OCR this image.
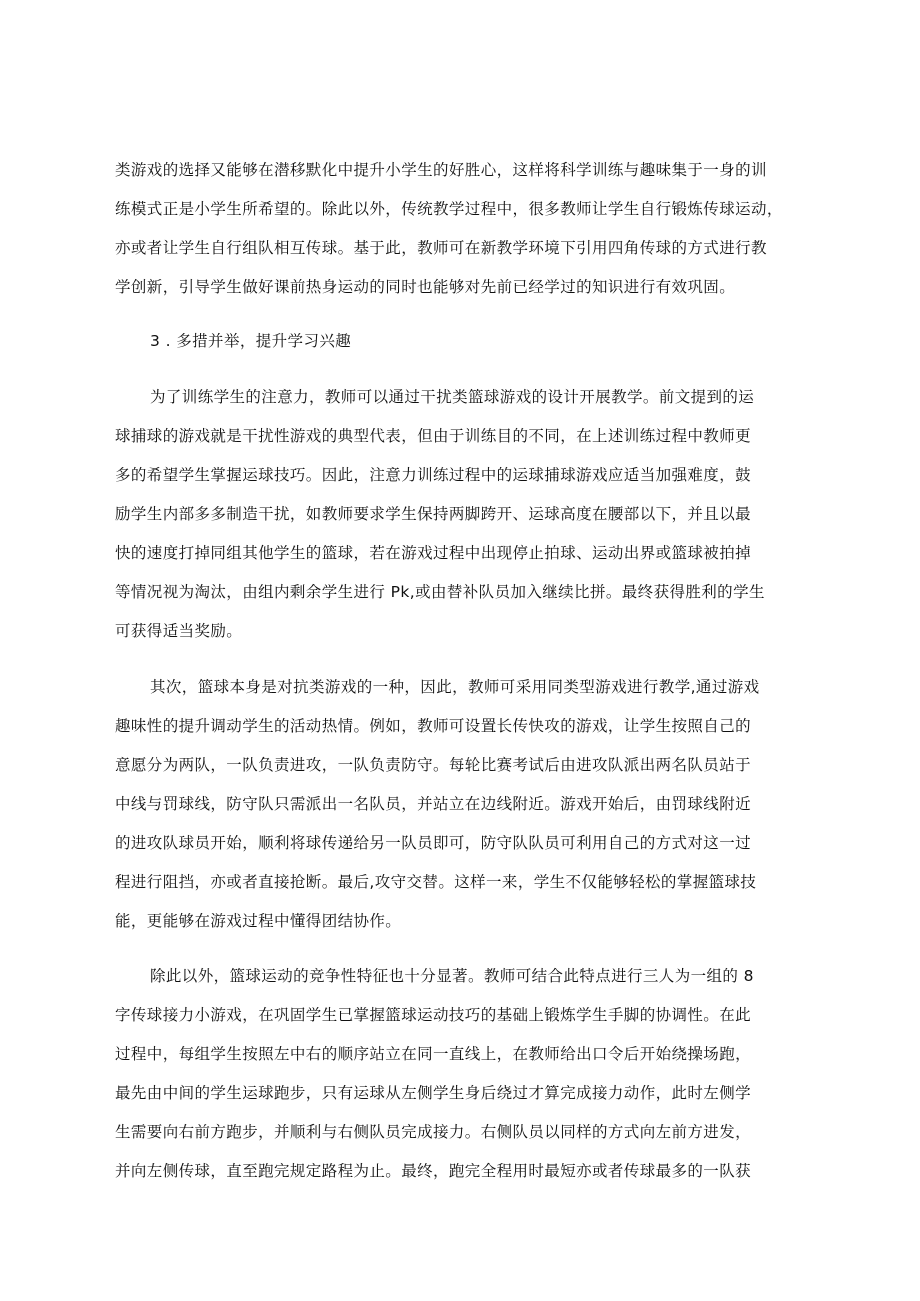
类游戏的选择又能够在潜移默化中提升小学生的好胜心，这样将科学训练与趣味集于一身的训
练模式正是小学生所希望的。除此以外，传统教学过程中，很多教师让学生自行锻炼传球运动，
亦或者让学生自行组队相互传球。基于此，教师可在新教学环境下引用四角传球的方式进行教
学创新，引导学生做好课前热身运动的同时也能够对先前已经学过的知识进行有效巩固。
3 . 多措并举，提升学习兴趣
为了训练学生的注意力，教师可以通过干扰类篮球游戏的设计开展教学。前文提到的运
球捕球的游戏就是干扰性游戏的典型代表，但由于训练目的不同，在上述训练过程中教师更
多的希望学生掌握运球技巧。因此，注意力训练过程中的运球捕球游戏应适当加强难度，鼓
励学生内部多多制造干扰，如教师要求学生保持两脚跨开、运球高度在腰部以下，并且以最
快的速度打掉同组其他学生的篮球，若在游戏过程中出现停止拍球、运动出界或篮球被拍掉
等情况视为淘汰，由组内剩余学生进行 Pk,或由替补队员加入继续比拼。最终获得胜利的学生
可获得适当奖励。
其次，篮球本身是对抗类游戏的一种，因此，教师可采用同类型游戏进行教学,通过游戏
趣味性的提升调动学生的活动热情。例如，教师可设置长传快攻的游戏，让学生按照自己的
意愿分为两队，一队负责进攻，一队负责防守。每轮比赛考试后由进攻队派出两名队员站于
中线与罚球线，防守队只需派出一名队员，并站立在边线附近。游戏开始后，由罚球线附近
的进攻队球员开始，顺利将球传递给另一队员即可，防守队队员可利用自己的方式对这一过
程进行阻挡，亦或者直接抢断。最后,攻守交替。这样一来，学生不仅能够轻松的掌握篮球技
能，更能够在游戏过程中懂得团结协作。
除此以外，篮球运动的竞争性特征也十分显著。教师可结合此特点进行三人为一组的 8
字传球接力小游戏，在巩固学生已掌握篮球运动技巧的基础上锻炼学生手脚的协调性。在此
过程中，每组学生按照左中右的顺序站立在同一直线上，在教师给出口令后开始绕操场跑，
最先由中间的学生运球跑步，只有运球从左侧学生身后绕过才算完成接力动作，此时左侧学
生需要向右前方跑步，并顺利与右侧队员完成接力。右侧队员以同样的方式向左前方进发，
并向左侧传球，直至跑完规定路程为止。最终，跑完全程用时最短亦或者传球最多的一队获
